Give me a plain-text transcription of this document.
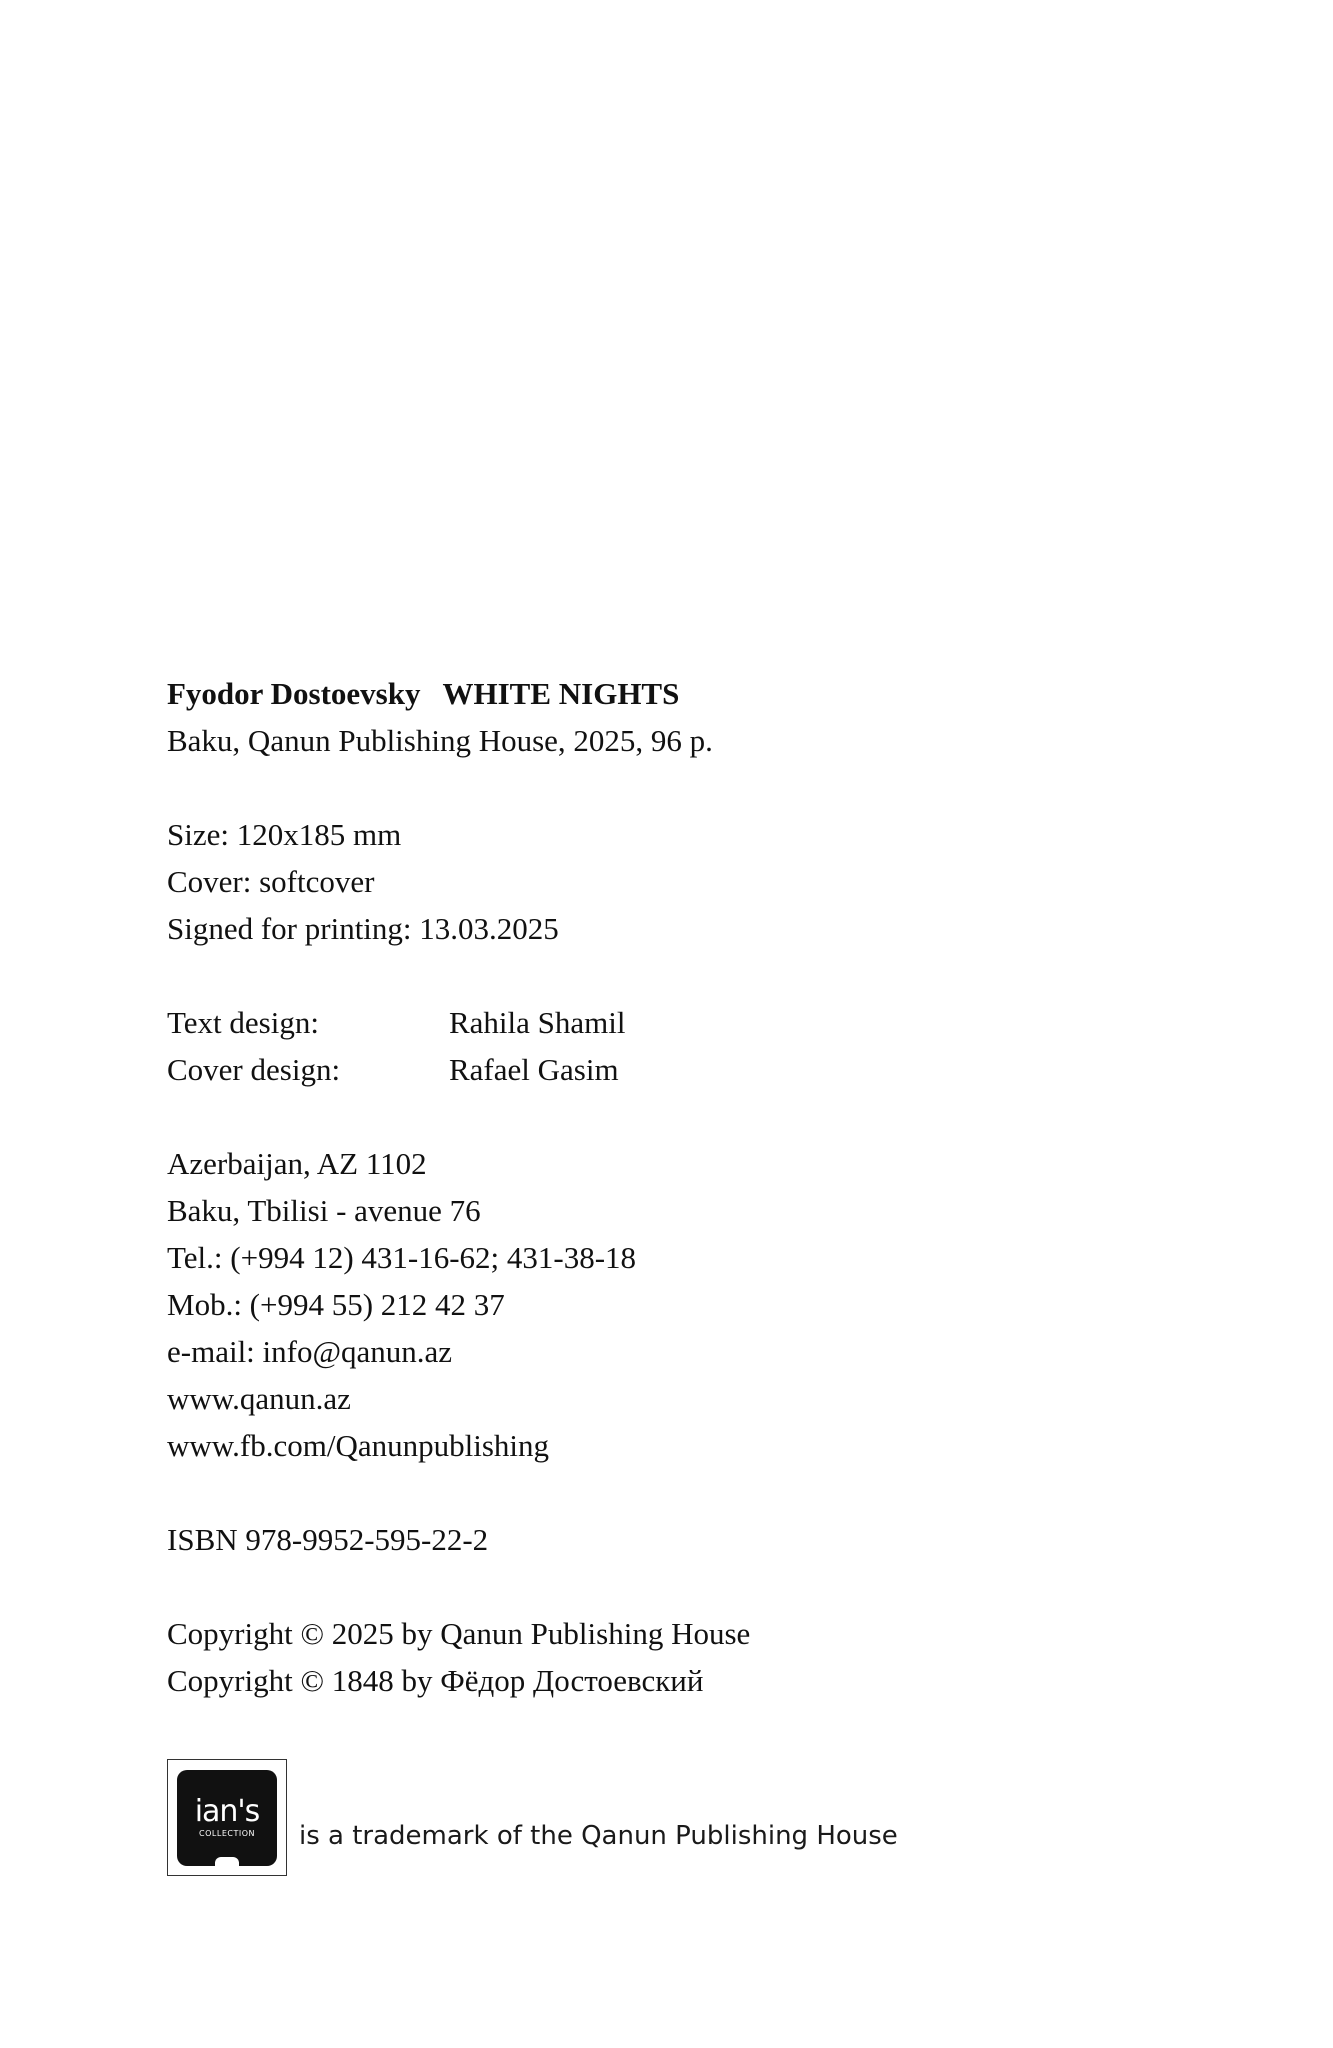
Fyodor Dostoevsky WHITE NIGHTS
Baku, Qanun Publishing House, 2025, 96 p.
Size: 120x185 mm
Cover: softcover
Signed for printing: 13.03.2025
Text design:	Rahila Shamil
Cover design:	Rafael Gasim
Azerbaijan, AZ 1102
Baku, Tbilisi - avenue 76
Tel.: (+994 12) 431-16-62; 431-38-18
Mob.: (+994 55) 212 42 37
e-mail: info@qanun.az
www.qanun.az
www.fb.com/Qanunpublishing
ISBN 978-9952-595-22-2
Copyright © 2025 by Qanun Publishing House
Copyright © 1848 by Фёдор Достоевский
ian's
COLLECTION is a trademark of the Qanun Publishing House
